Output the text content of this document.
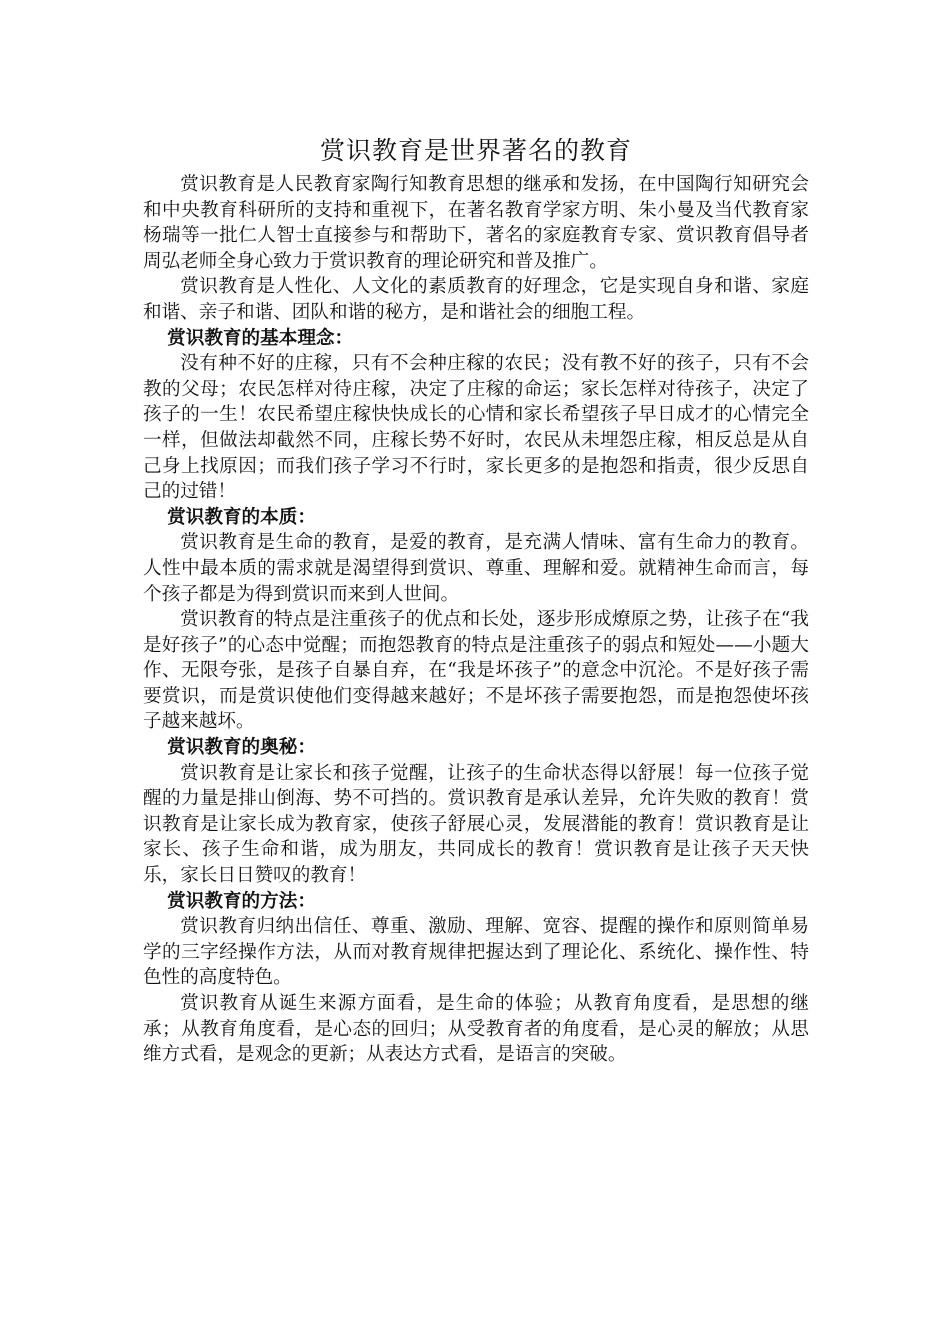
赏识教育是世界著名的教育

赏识教育是人民教育家陶行知教育思想的继承和发扬，在中国陶行知研究会和中央教育科研所的支持和重视下，在著名教育学家方明、朱小曼及当代教育家杨瑞等一批仁人智士直接参与和帮助下，著名的家庭教育专家、赏识教育倡导者周弘老师全身心致力于赏识教育的理论研究和普及推广。

赏识教育是人性化、人文化的素质教育的好理念，它是实现自身和谐、家庭和谐、亲子和谐、团队和谐的秘方，是和谐社会的细胞工程。

赏识教育的基本理念：

没有种不好的庄稼，只有不会种庄稼的农民；没有教不好的孩子，只有不会教的父母；农民怎样对待庄稼，决定了庄稼的命运；家长怎样对待孩子，决定了孩子的一生！农民希望庄稼快快成长的心情和家长希望孩子早日成才的心情完全一样，但做法却截然不同，庄稼长势不好时，农民从未埋怨庄稼，相反总是从自己身上找原因；而我们孩子学习不行时，家长更多的是抱怨和指责，很少反思自己的过错！

赏识教育的本质：

赏识教育是生命的教育，是爱的教育，是充满人情味、富有生命力的教育。人性中最本质的需求就是渴望得到赏识、尊重、理解和爱。就精神生命而言，每个孩子都是为得到赏识而来到人世间。

赏识教育的特点是注重孩子的优点和长处，逐步形成燎原之势，让孩子在“我是好孩子”的心态中觉醒；而抱怨教育的特点是注重孩子的弱点和短处——小题大作、无限夸张，是孩子自暴自弃，在“我是坏孩子”的意念中沉沦。不是好孩子需要赏识，而是赏识使他们变得越来越好；不是坏孩子需要抱怨，而是抱怨使坏孩子越来越坏。

赏识教育的奥秘：

赏识教育是让家长和孩子觉醒，让孩子的生命状态得以舒展！每一位孩子觉醒的力量是排山倒海、势不可挡的。赏识教育是承认差异，允许失败的教育！赏识教育是让家长成为教育家，使孩子舒展心灵，发展潜能的教育！赏识教育是让家长、孩子生命和谐，成为朋友，共同成长的教育！赏识教育是让孩子天天快乐，家长日日赞叹的教育！

赏识教育的方法：

赏识教育归纳出信任、尊重、激励、理解、宽容、提醒的操作和原则简单易学的三字经操作方法，从而对教育规律把握达到了理论化、系统化、操作性、特色性的高度特色。

赏识教育从诞生来源方面看，是生命的体验；从教育角度看，是思想的继承；从教育角度看，是心态的回归；从受教育者的角度看，是心灵的解放；从思维方式看，是观念的更新；从表达方式看，是语言的突破。
